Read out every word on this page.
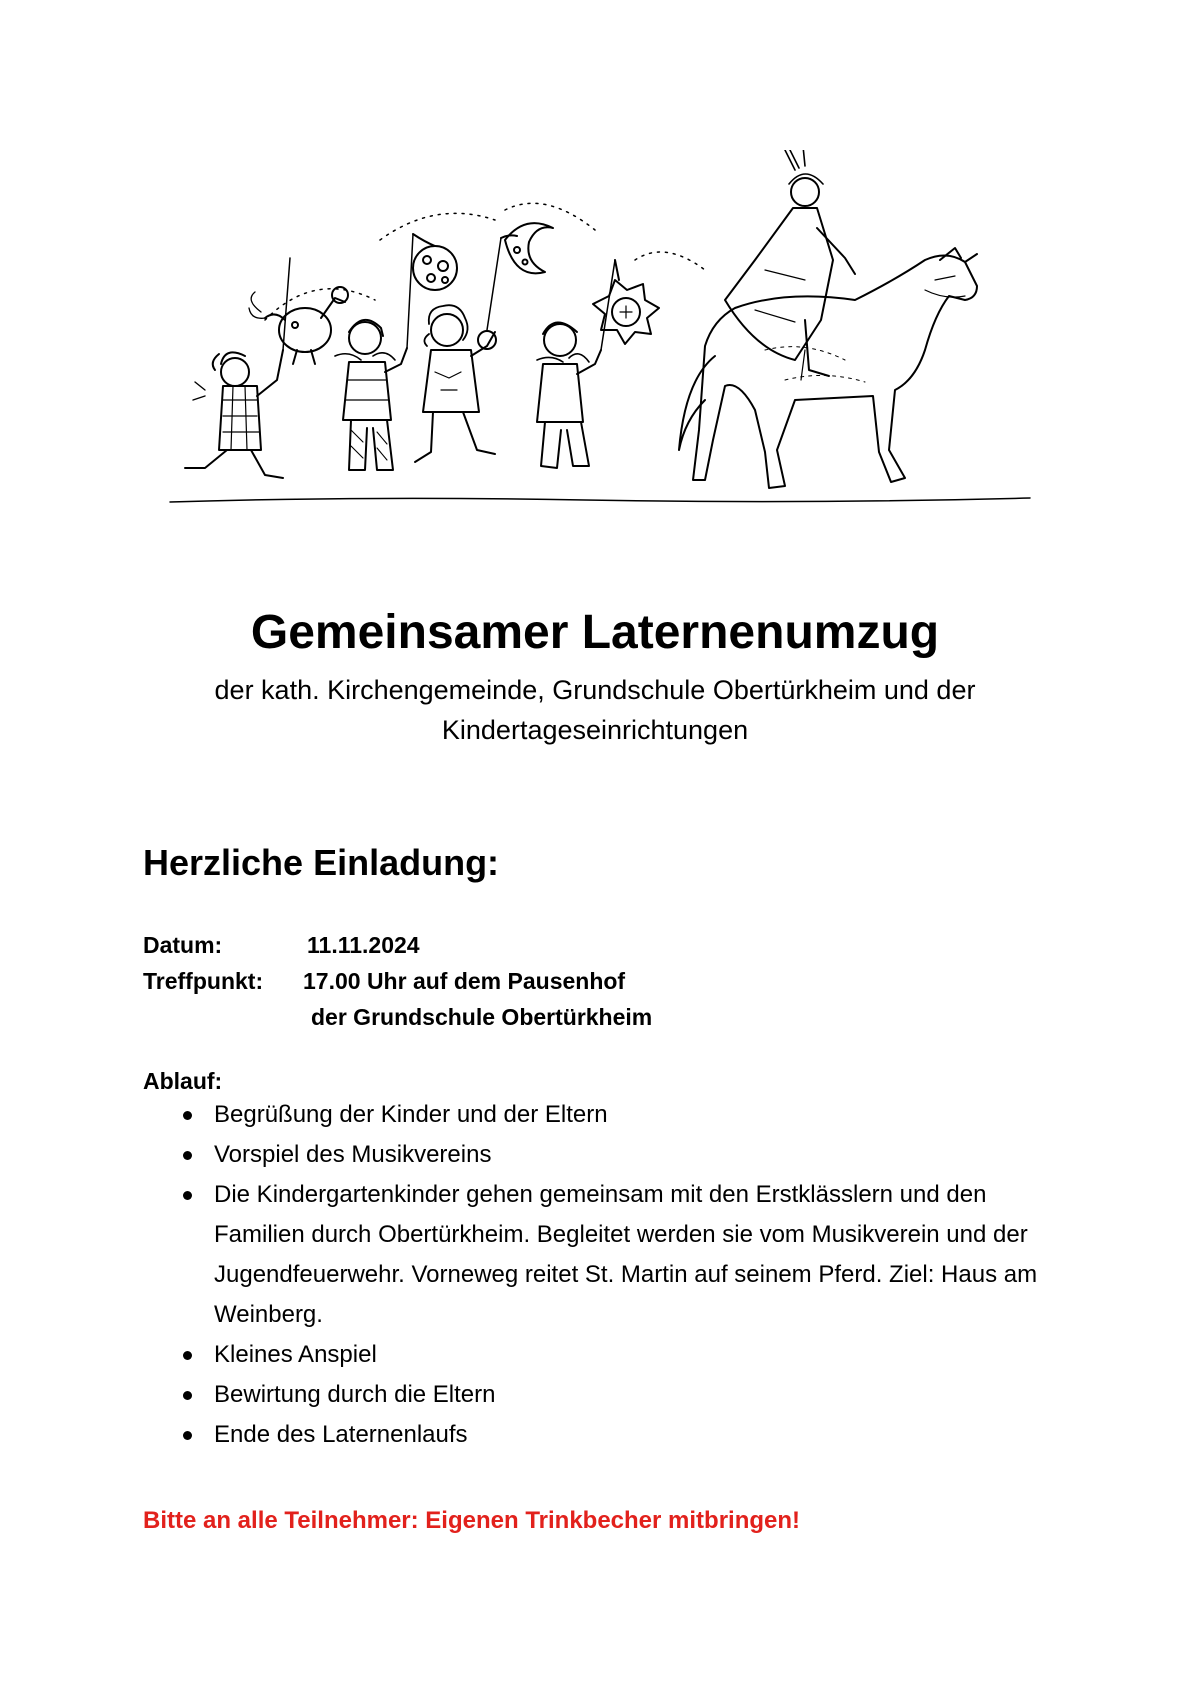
Gemeinsamer Laternenumzug

der kath. Kirchengemeinde, Grundschule Obertürkheim und der Kindertageseinrichtungen

Herzliche Einladung:
Datum:	11.11.2024
Treffpunkt: 17.00 Uhr auf dem Pausenhof
der Grundschule Obertürkheim
Ablauf:
Begrüßung der Kinder und der Eltern
Vorspiel des Musikvereins
Die Kindergartenkinder gehen gemeinsam mit den Erstklässlern und den Familien durch Obertürkheim. Begleitet werden sie vom Musikverein und der Jugendfeuerwehr. Vorneweg reitet St. Martin auf seinem Pferd. Ziel: Haus am Weinberg.
Kleines Anspiel
Bewirtung durch die Eltern
Ende des Laternenlaufs
Bitte an alle Teilnehmer: Eigenen Trinkbecher mitbringen!
